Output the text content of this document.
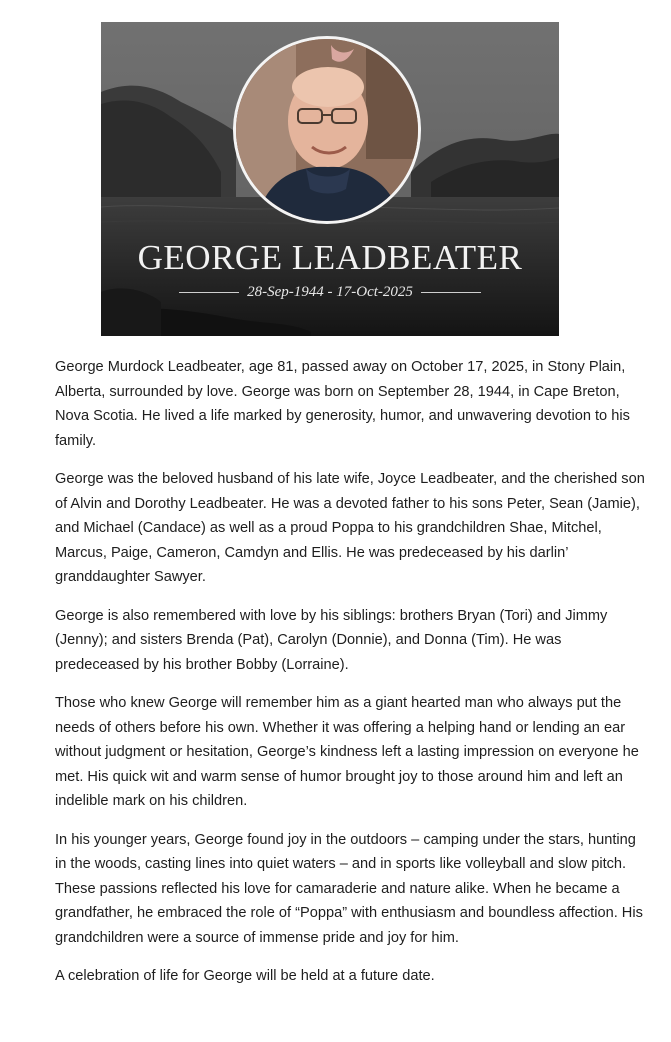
GEORGE LEADBEATER
28-Sep-1944 - 17-Oct-2025

George Murdock Leadbeater, age 81, passed away on October 17, 2025, in Stony Plain, Alberta, surrounded by love. George was born on September 28, 1944, in Cape Breton, Nova Scotia. He lived a life marked by generosity, humor, and unwavering devotion to his family.

George was the beloved husband of his late wife, Joyce Leadbeater, and the cherished son of Alvin and Dorothy Leadbeater. He was a devoted father to his sons Peter, Sean (Jamie), and Michael (Candace) as well as a proud Poppa to his grandchildren Shae, Mitchel, Marcus, Paige, Cameron, Camdyn and Ellis. He was predeceased by his darlin’ granddaughter Sawyer.

George is also remembered with love by his siblings: brothers Bryan (Tori) and Jimmy (Jenny); and sisters Brenda (Pat), Carolyn (Donnie), and Donna (Tim). He was predeceased by his brother Bobby (Lorraine).

Those who knew George will remember him as a giant hearted man who always put the needs of others before his own. Whether it was offering a helping hand or lending an ear without judgment or hesitation, George’s kindness left a lasting impression on everyone he met. His quick wit and warm sense of humor brought joy to those around him and left an indelible mark on his children.

In his younger years, George found joy in the outdoors – camping under the stars, hunting in the woods, casting lines into quiet waters – and in sports like volleyball and slow pitch. These passions reflected his love for camaraderie and nature alike. When he became a grandfather, he embraced the role of “Poppa” with enthusiasm and boundless affection. His grandchildren were a source of immense pride and joy for him.

A celebration of life for George will be held at a future date.
